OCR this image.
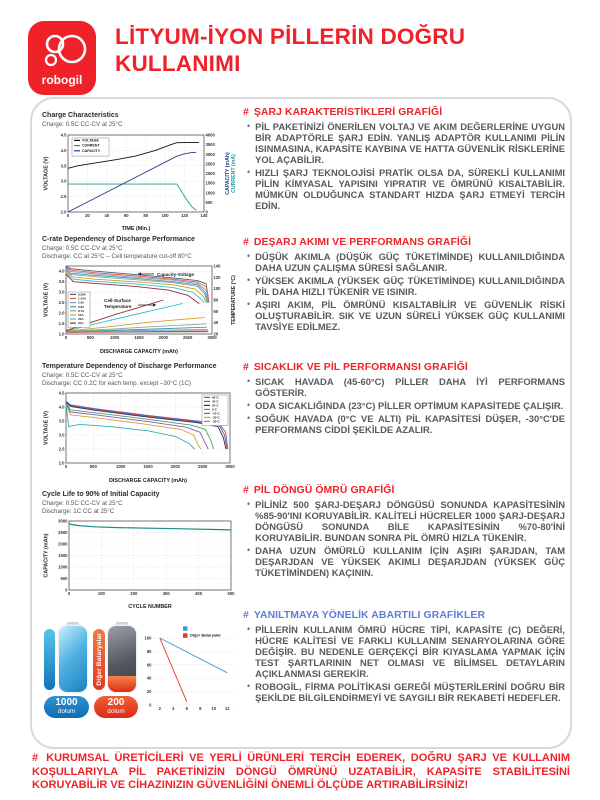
robogil
LİTYUM-İYON PİLLERİN DOĞRU KULLANIMI
Charge Characteristics
Charge: 0.5C CC-CV at 25°C
0	20	40	60	80	100	120	140
2.0
2.5
3.0
3.5
4.0
4.5
0
500
1000
1500
2000
2500
3000
3500
4000
TIME (Min.)
VOLTAGE (V)	CAPACITY (mAh) CURRENT (mA)
VOLTAGE
CURRENT
CAPACITY
C-rate Dependency of Discharge Performance
Charge: 0.5C CC-CV at 25°C
Discharge: CC at 25°C – Cell temperature cut-off 80°C
0	500	1000	1500	2000	2500	3000
1.0
1.5
2.0
2.5
3.0
3.5
4.0
20
40
60
80
100
120
140
DISCHARGE CAPACITY (mAh)
VOLTAGE (V)	TEMPERATURE (°C)
0.58A
1.45A
2.9A
5.8A
8.7A
15A
20A
25A
Capacity-Voltage
Cell-Surface
Temperature
Temperature Dependency of Discharge Performance
Charge: 0.5C CC-CV at 25°C
Discharge: CC 0.2C for each temp. except –30°C (1C)
0	500	1000	1500	2000	2500	3000
2.0
2.5
3.0
3.5
4.0
4.5
DISCHARGE CAPACITY (mAh)
VOLTAGE (V)
60°C
45°C
25°C
0°C
-10°C
-20°C
-30°C
Cycle Life to 90% of Initial Capacity
Charge: 0.5C CC-CV at 25°C
Discharge: 1C CC at 25°C
0	100	200	300	400	500
0
500
1000
1500
2000
2500
3000
CYCLE NUMBER
CAPACITY (mAh)
Diğer Bataryalar
1000
dolum
200
dolum	2	4	6	8 10 12
0
20
40
60
80
100
Diğer Bataryalar
# ŞARJ KARAKTERİSTİKLERİ GRAFİĞİ
• PİL PAKETİNİZİ ÖNERİLEN VOLTAJ VE AKIM DEĞERLERİNE UYGUN BİR ADAPTÖRLE ŞARJ EDİN. YANLIŞ ADAPTÖR KULLANIMI PİLİN ISINMASINA, KAPASİTE KAYBINA VE HATTA GÜVENLİK RİSKLERİNE YOL AÇABİLİR.
• HIZLI ŞARJ TEKNOLOJİSİ PRATİK OLSA DA, SÜREKLİ KULLANIMI PİLİN KİMYASAL YAPISINI YIPRATIR VE ÖMRÜNÜ KISALTABİLİR. MÜMKÜN OLDUĞUNCA STANDART HIZDA ŞARJ ETMEYİ TERCİH EDİN.
# DEŞARJ AKIMI VE PERFORMANS GRAFİĞİ
• DÜŞÜK AKIMLA (DÜŞÜK GÜÇ TÜKETİMİNDE) KULLANILDIĞINDA DAHA UZUN ÇALIŞMA SÜRESİ SAĞLANIR.
• YÜKSEK AKIMLA (YÜKSEK GÜÇ TÜKETİMİNDE) KULLANILDIĞINDA PİL DAHA HIZLI TÜKENİR VE ISINIR.
• AŞIRI AKIM, PİL ÖMRÜNÜ KISALTABİLİR VE GÜVENLİK RİSKİ OLUŞTURABİLİR. SIK VE UZUN SÜRELİ YÜKSEK GÜÇ KULLANIMI TAVSİYE EDİLMEZ.
# SICAKLIK VE PİL PERFORMANSI GRAFİĞİ
• SICAK HAVADA (45-60°C) PİLLER DAHA İYİ PERFORMANS GÖSTERİR.
• ODA SICAKLIĞINDA (23°C) PİLLER OPTİMUM KAPASİTEDE ÇALIŞIR.
• SOĞUK HAVADA (0°C VE ALTI) PİL KAPASİTESİ DÜŞER, -30°C'DE PERFORMANS CİDDİ ŞEKİLDE AZALIR.
# PİL DÖNGÜ ÖMRÜ GRAFİĞİ
• PİLİNİZ 500 ŞARJ-DEŞARJ DÖNGÜSÜ SONUNDA KAPASİTESİNİN %85-90'INI KORUYABİLİR. KALİTELİ HÜCRELER 1000 ŞARJ-DEŞARJ DÖNGÜSÜ SONUNDA BİLE KAPASİTESİNİN %70-80'İNİ KORUYABİLİR. BUNDAN SONRA PİL ÖMRÜ HIZLA TÜKENİR.
• DAHA UZUN ÖMÜRLÜ KULLANIM İÇİN AŞIRI ŞARJDAN, TAM DEŞARJDAN VE YÜKSEK AKIMLI DEŞARJDAN (YÜKSEK GÜÇ TÜKETİMİNDEN) KAÇININ.
# YANILTMAYA YÖNELİK ABARTILI GRAFİKLER
• PİLLERİN KULLANIM ÖMRÜ HÜCRE TİPİ, KAPASİTE (C) DEĞERİ, HÜCRE KALİTESİ VE FARKLI KULLANIM SENARYOLARINA GÖRE DEĞİŞİR. BU NEDENLE GERÇEKÇİ BİR KIYASLAMA YAPMAK İÇİN TEST ŞARTLARININ NET OLMASI VE BİLİMSEL DETAYLARIN AÇIKLANMASI GEREKİR.
• ROBOGİL, FİRMA POLİTİKASI GEREĞİ MÜŞTERİLERİNİ DOĞRU BİR ŞEKİLDE BİLGİLENDİRMEYİ VE SAYGILI BİR REKABETİ HEDEFLER.
# KURUMSAL ÜRETİCİLERİ VE YERLİ ÜRÜNLERİ TERCİH EDEREK, DOĞRU ŞARJ VE KULLANIM KOŞULLARIYLA PİL PAKETİNİZİN DÖNGÜ ÖMRÜNÜ UZATABİLİR, KAPASİTE STABİLİTESİNİ KORUYABİLİR VE CİHAZINIZIN GÜVENLİĞİNİ ÖNEMLİ ÖLÇÜDE ARTIRABİLİRSİNİZ!
